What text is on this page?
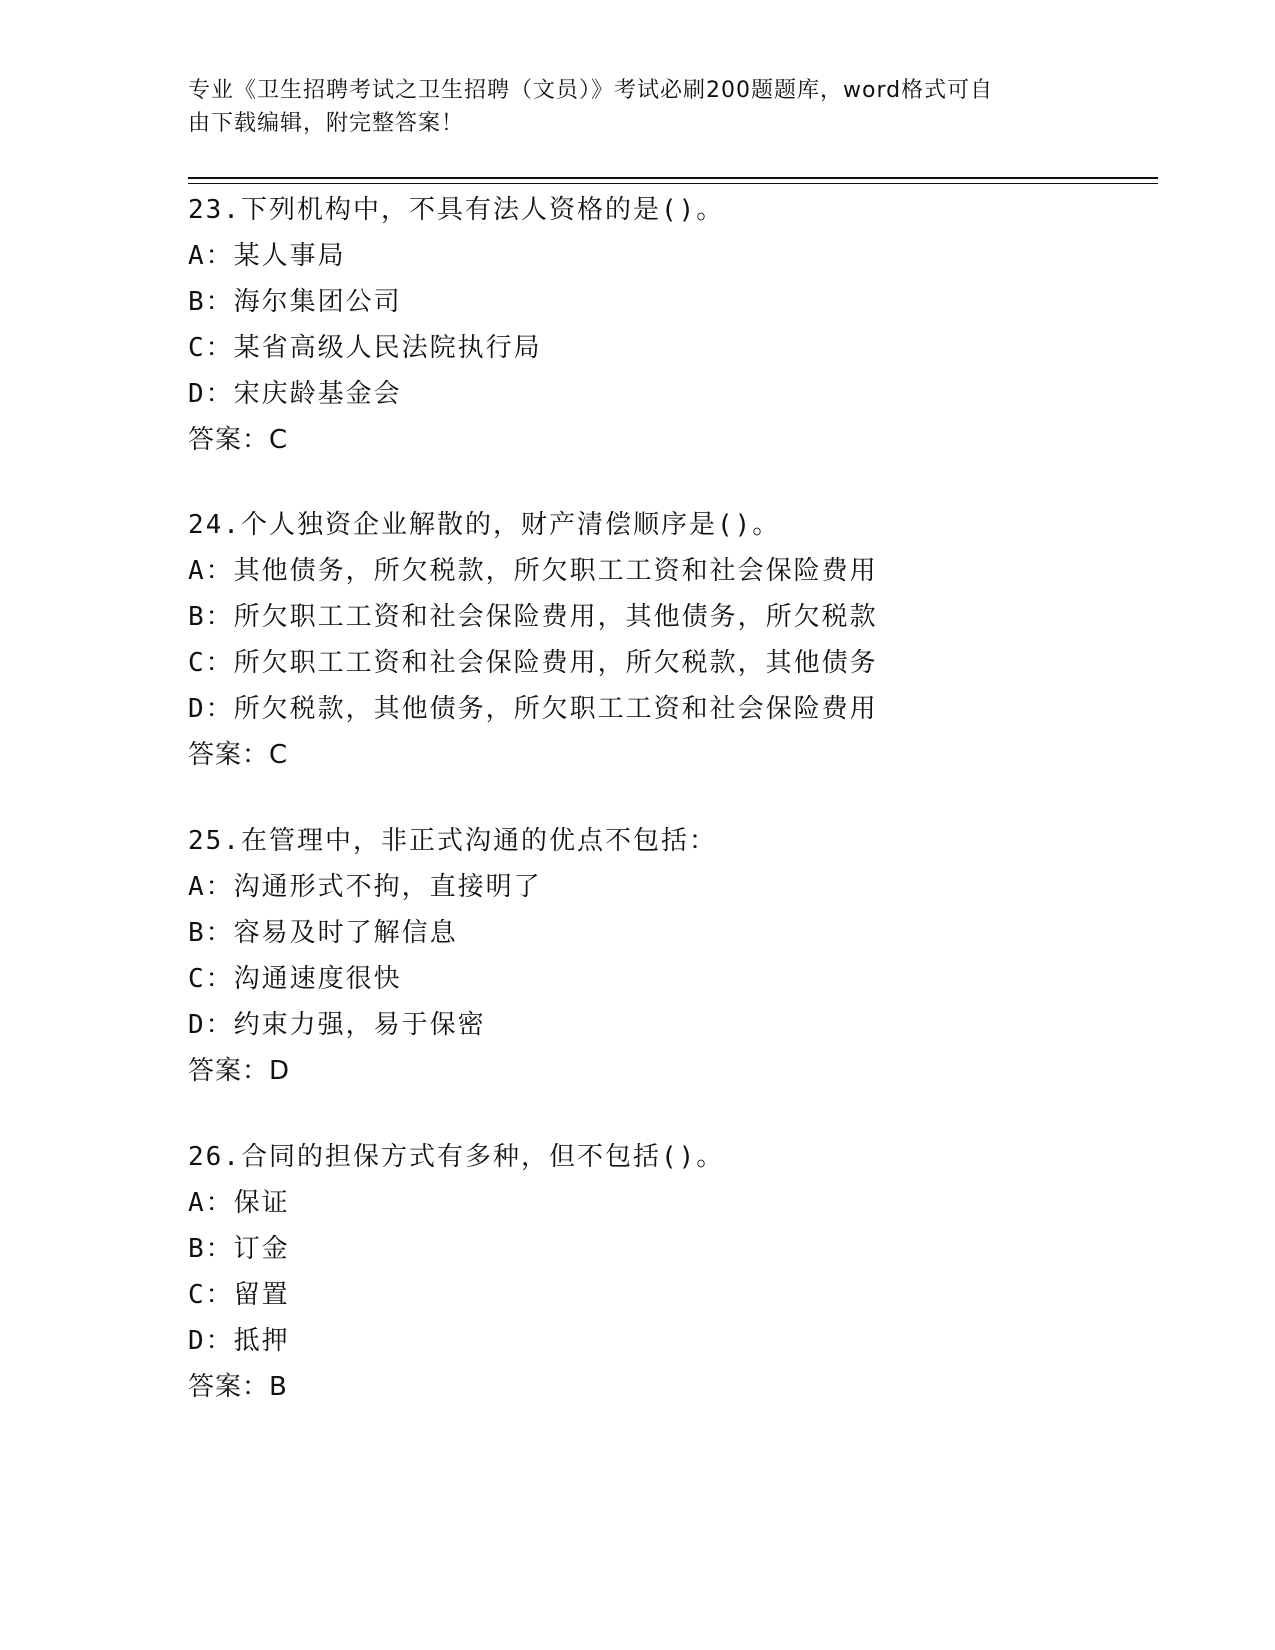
专业《卫生招聘考试之卫生招聘（文员）》考试必刷200题题库，word格式可自
由下载编辑，附完整答案！
23.下列机构中，不具有法人资格的是()。
A：某人事局
B：海尔集团公司
C：某省高级人民法院执行局
D：宋庆龄基金会
答案：C
24.个人独资企业解散的，财产清偿顺序是()。
A：其他债务，所欠税款，所欠职工工资和社会保险费用
B：所欠职工工资和社会保险费用，其他债务，所欠税款
C：所欠职工工资和社会保险费用，所欠税款，其他债务
D：所欠税款，其他债务，所欠职工工资和社会保险费用
答案：C
25.在管理中，非正式沟通的优点不包括：
A：沟通形式不拘，直接明了
B：容易及时了解信息
C：沟通速度很快
D：约束力强，易于保密
答案：D
26.合同的担保方式有多种，但不包括()。
A：保证
B：订金
C：留置
D：抵押
答案：B
